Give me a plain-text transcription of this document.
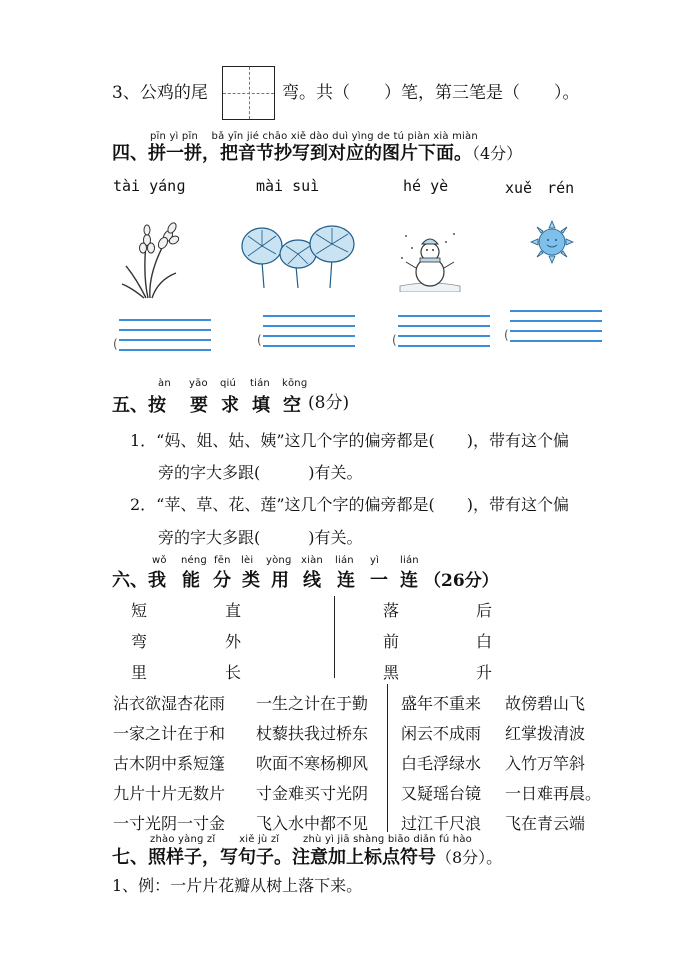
3、公鸡的尾	弯。共（　　）笔，第三笔是（　　）。
pīn yì pīn　 bǎ yīn jié chāo xiě dào duì yìng de tú piàn xià miàn
四、拼一拼，把音节抄写到对应的图片下面。（4分）
tài yánɡ	mài suì	hé yè	xuě　rén
(	(	(	(
àn yāo qiú tián kōnɡ
五、按 要 求 填 空 (8分)
1．“妈、姐、姑、姨”这几个字的偏旁都是(　　)，带有这个偏
旁的字大多跟(　　　)有关。
2．“苹、草、花、莲”这几个字的偏旁都是(　　)，带有这个偏
旁的字大多跟(　　　)有关。
wǒ nénɡ fēn lèi yònɡ xiàn lián yì lián
六、我 能 分 类 用 线 连 一 连 （26分）
短	直
弯	外
里	长
落	后
前	白
黑	升
沾衣欲湿杏花雨 一生之计在于勤 盛年不重来 故傍碧山飞
一家之计在于和 杖藜扶我过桥东 闲云不成雨 红掌拨清波
古木阴中系短篷 吹面不寒杨柳风 白毛浮绿水 入竹万竿斜
九片十片无数片 寸金难买寸光阴 又疑瑶台镜 一日难再晨。
一寸光阴一寸金 飞入水中都不见 过江千尺浪 飞在青云端
zhào yànɡ zǐ　　 xiě jù zǐ　　 zhù yì jiā shànɡ biāo diǎn fú hào
七、照样子，写句子。注意加上标点符号（8分）。
1、例：一片片花瓣从树上落下来。
